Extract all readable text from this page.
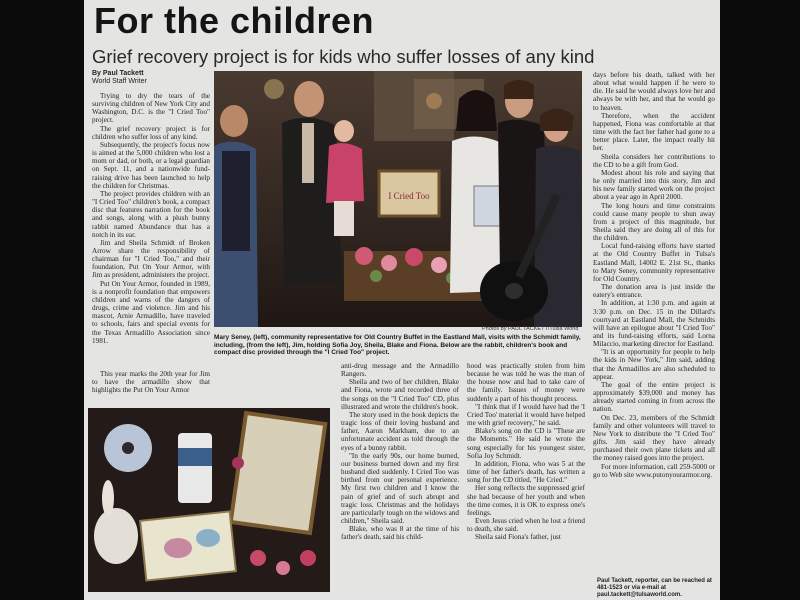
For the children
Grief recovery project is for kids who suffer losses of any kind
By Paul Tackett
World Staff Writer

Trying to dry the tears of the surviving children of New York City and Washington, D.C. is the "I Cried Too" project.

The grief recovery project is for children who suffer loss of any kind.

Subsequently, the project's focus now is aimed at the 5,000 children who lost a mom or dad, or both, or a legal guardian on Sept. 11, and a nationwide fund-raising drive has been launched to help the children for Christmas.

The project provides children with an "I Cried Too" children's book, a compact disc that features narration for the book and songs, along with a plush bunny rabbit named Abundance that has a notch in its ear.

Jim and Sheila Schmidt of Broken Arrow share the responsibility of chairman for "I Cried Too," and their foundation, Put On Your Armor, with Jim as president, administers the project.

Put On Your Armor, founded in 1989, is a nonprofit foundation that empowers children and warns of the dangers of drugs, crime and violence. Jim and his mascot, Arnie Armadillo, have traveled to schools, fairs and special events for the Texas Armadillo Association since 1981.

I Cried Too
Photos by PAUL TACKETT/Tulsa World
Mary Seney, (left), community representative for Old Country Buffet in the Eastland Mall, visits with the Schmidt family, including, (from the left), Jim, holding Sofia Joy, Sheila, Blake and Fiona. Below are the rabbit, children's book and compact disc provided through the "I Cried Too" project.

days before his death, talked with her about what would happen if he were to die. He said he would always love her and always be with her, and that he would go to heaven.

Therefore, when the accident happened, Fiona was comfortable at that time with the fact her father had gone to a better place. Later, the impact really hit her.

Sheila considers her contributions to the CD to be a gift from God.

Modest about his role and saying that he only married into this story, Jim and his new family started work on the project about a year ago in April 2000.

The long hours and time constraints could cause many people to shun away from a project of this magnitude, but Sheila said they are doing all of this for the children.

Local fund-raising efforts have started at the Old Country Buffet in Tulsa's Eastland Mall, 14002 E. 21st St., thanks to Mary Seney, community representative for Old Country.

The donation area is just inside the eatery's entrance.

In addition, at 1:30 p.m. and again at 3:30 p.m. on Dec. 15 in the Dillard's courtyard at Eastland Mall, the Schmidts will have an epilogue about "I Cried Too" and its fund-raising efforts, said Lorna Milaccio, marketing director for Eastland.

"It is an opportunity for people to help the kids in New York," Jim said, adding that the Armadillos are also scheduled to appear.

The goal of the entire project is approximately $39,000 and money has already started coming in from across the nation.

On Dec. 23, members of the Schmidt family and other volunteers will travel to New York to distribute the "I Cried Too" gifts. Jim said they have already purchased their own plane tickets and all the money raised goes into the project.

For more information, call 259-5000 or go to Web site www.putonyourarmor.org.

Paul Tackett, reporter, can be reached at 481-1523 or via e-mail at paul.tackett@tulsaworld.com.

This year marks the 20th year for Jim to have the armadillo show that highlights the Put On Your Armor

anti-drug message and the Armadillo Rangers.

Sheila and two of her children, Blake and Fiona, wrote and recorded three of the songs on the "I Cried Too" CD, plus illustrated and wrote the children's book.

The story used in the book depicts the tragic loss of their loving husband and father, Aaron Markham, due to an unfortunate accident as told through the eyes of a bunny rabbit.

"In the early 90s, our home burned, our business burned down and my first husband died suddenly. I Cried Too was birthed from our personal experience. My first two children and I know the pain of grief and of such abrupt and tragic loss. Christmas and the holidays are particularly tough on the widows and children," Sheila said.

Blake, who was 8 at the time of his father's death, said his child-

hood was practically stolen from him because he was told he was the man of the house now and had to take care of the family. Issues of money were suddenly a part of his thought process.

"I think that if I would have had the 'I Cried Too' material it would have helped me with grief recovery," he said.

Blake's song on the CD is "These are the Moments." He said he wrote the song especially for his youngest sister, Sofia Joy Schmidt.

In addition, Fiona, who was 5 at the time of her father's death, has written a song for the CD titled, "He Cried."

Her song reflects the suppressed grief she had because of her youth and when the time comes, it is OK to express one's feelings.

Even Jesus cried when he lost a friend to death, she said.

Sheila said Fiona's father, just
